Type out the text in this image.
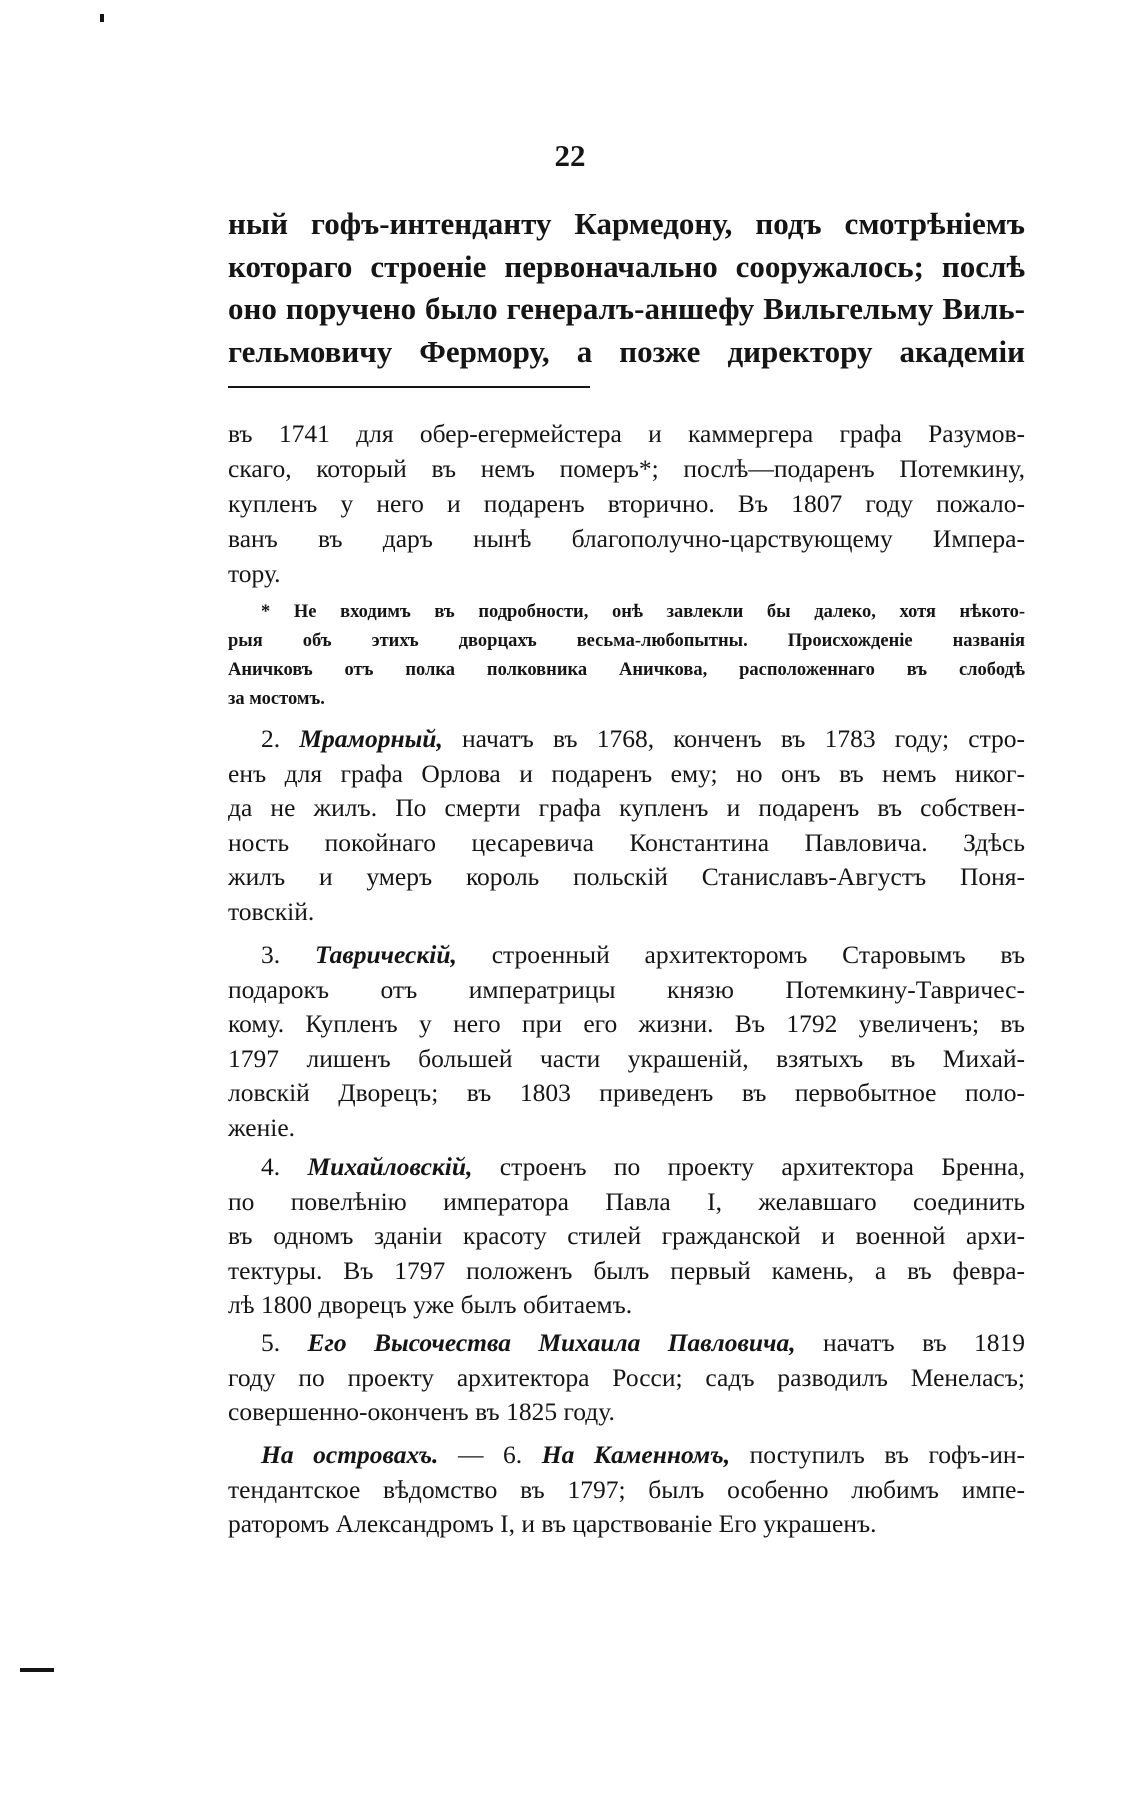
22
ный гофъ-интенданту Кармедону, подъ смотрѣніемъ
котораго строеніе первоначально сооружалось; послѣ
оно поручено было генералъ-аншефу Вильгельму Виль-
гельмовичу Фермору, а позже директору академіи
въ 1741 для обер-егермейстера и каммергера графа Разумов-
скаго, который въ немъ померъ*; послѣ—подаренъ Потемкину,
купленъ у него и подаренъ вторично. Въ 1807 году пожало-
ванъ въ даръ нынѣ благополучно-царствующему Импера-
тору.
* Не входимъ въ подробности, онѣ завлекли бы далеко, хотя нѣкото-
рыя объ этихъ дворцахъ весьма-любопытны. Происхожденіе названія
Аничковъ отъ полка полковника Аничкова, расположеннаго въ слободѣ
за мостомъ.
2. Мраморный, начатъ въ 1768, конченъ въ 1783 году; стро-
енъ для графа Орлова и подаренъ ему; но онъ въ немъ никог-
да не жилъ. По смерти графа купленъ и подаренъ въ собствен-
ность покойнаго цесаревича Константина Павловича. Здѣсь
жилъ и умеръ король польскій Станиславъ-Августъ Поня-
товскій.
3. Таврическій, строенный архитекторомъ Старовымъ въ
подарокъ отъ императрицы князю Потемкину-Тавричес-
кому. Купленъ у него при его жизни. Въ 1792 увеличенъ; въ
1797 лишенъ большей части украшеній, взятыхъ въ Михай-
ловскій Дворецъ; въ 1803 приведенъ въ первобытное поло-
женіе.
4. Михайловскій, строенъ по проекту архитектора Бренна,
по повелѣнію императора Павла I, желавшаго соединить
въ одномъ зданіи красоту стилей гражданской и военной архи-
тектуры. Въ 1797 положенъ былъ первый камень, а въ февра-
лѣ 1800 дворецъ уже былъ обитаемъ.
5. Его Высочества Михаила Павловича, начатъ въ 1819
году по проекту архитектора Росси; садъ разводилъ Менеласъ;
совершенно-оконченъ въ 1825 году.
На островахъ. — 6. На Каменномъ, поступилъ въ гофъ-ин-
тендантское вѣдомство въ 1797; былъ особенно любимъ импе-
раторомъ Александромъ I, и въ царствованіе Его украшенъ.
